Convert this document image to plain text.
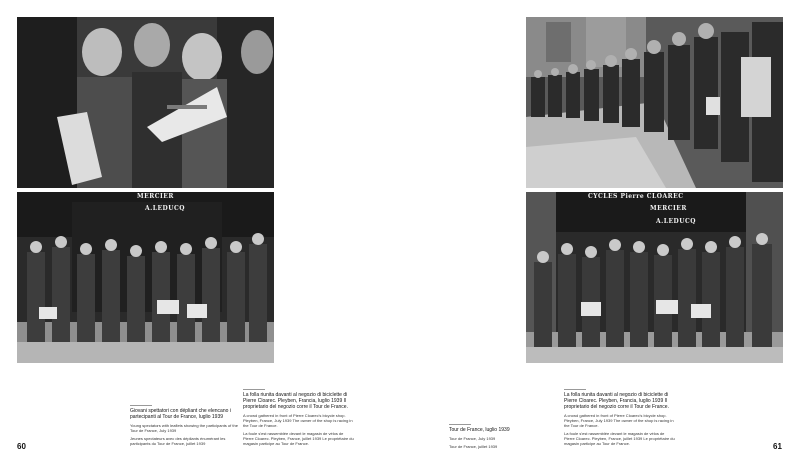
MERCIER
A.LEDUCQ
Giovani spettatori con dépliant che elencano i partecipanti al Tour de France, luglio 1939
Young spectators with leaflets showing the participants of the Tour de France, July 1939
Jeunes spectateurs avec des dépliants énumérant les participants du Tour de France, juillet 1939
La folla riunita davanti al negozio di biciclette di Pierre Cloarec. Pleyben, Francia, luglio 1939 Il proprietario del negozio corre il Tour de France.
A crowd gathered in front of Pierre Cloarec's bicycle shop. Pleyben, France, July 1939 The owner of the shop is racing in the Tour de France.
La foule s'est rassemblée devant le magasin de vélos de Pierre Cloarec. Pleyben, France, juillet 1939 Le propriétaire du magasin participe au Tour de France.
60
CYCLES Pierre CLOAREC
MERCIER
A.LEDUCQ
Tour de France, luglio 1939
Tour de France, July 1939
Tour de France, juillet 1939
La folla riunita davanti al negozio di biciclette di Pierre Cloarec. Pleyben, Francia, luglio 1939 Il proprietario del negozio corre il Tour de France.
A crowd gathered in front of Pierre Cloarec's bicycle shop. Pleyben, France, July 1939 The owner of the shop is racing in the Tour de France.
La foule s'est rassemblée devant le magasin de vélos de Pierre Cloarec. Pleyben, France, juillet 1939 Le propriétaire du magasin participe au Tour de France.	61
